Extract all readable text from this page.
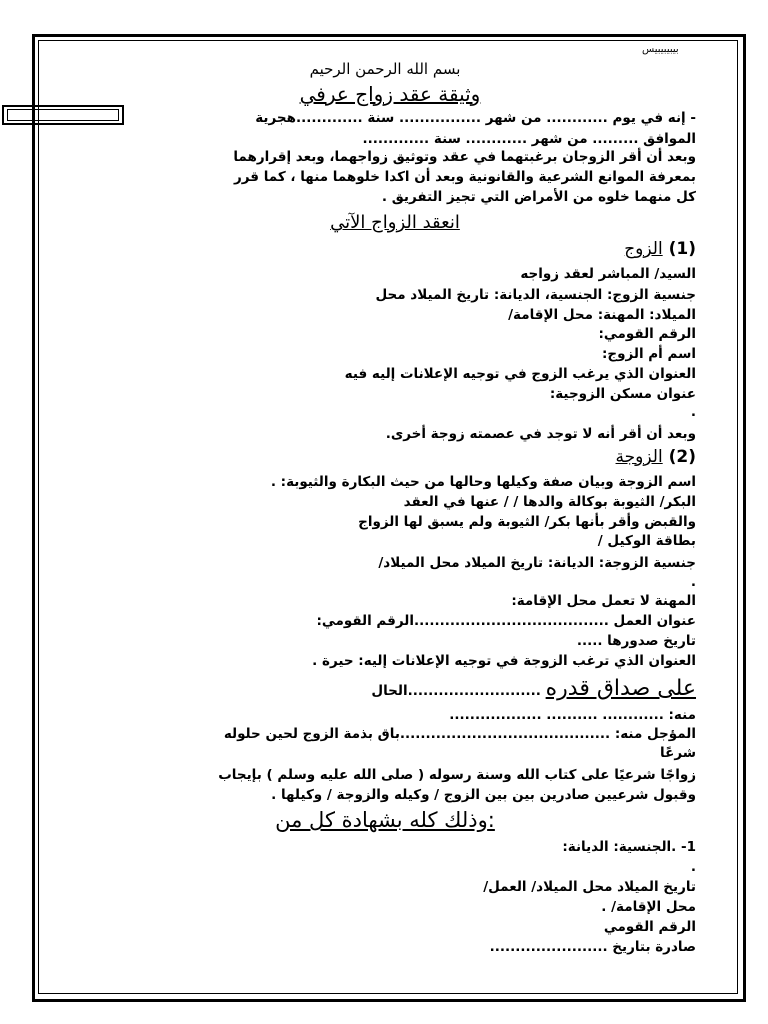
بيبيبيبيس
بسم الله الرحمن الرحيم
وثيقة عقد زواج عرفي
- إنه في يوم ............ من شهر ................ سنة .............هجرية
الموافق ......... من شهر ............ سنة .............
وبعد أن أقر الزوجان برغبتهما في عقد وتوثيق زواجهما، وبعد إقرارهما
بمعرفة الموانع الشرعية والقانونية وبعد أن اكدا خلوهما منها ، كما قرر
كل منهما خلوه من الأمراض التي تجيز التفريق .
انعقد الزواج الآتي
(1) الزوج
السيد/ المباشر لعقد زواجه
جنسية الزوج: الجنسية، الديانة: تاريخ الميلاد محل
الميلاد: المهنة: محل الإقامة/
الرقم القومي:
اسم أم الزوج:
العنوان الذي يرغب الزوج في توجيه الإعلانات إليه فيه
عنوان مسكن الزوجية:
.
وبعد أن أقر أنه لا توجد في عصمته زوجة أخرى.
(2) الزوجة
اسم الزوجة وبيان صفة وكيلها وحالها من حيث البكارة والثيوبة: .
البكر/ الثيوبة بوكالة والدها / / عنها في العقد
والقبض وأقر بأنها بكر/ الثيوبة ولم يسبق لها الزواج
بطاقة الوكيل /
جنسية الزوجة: الديانة: تاريخ الميلاد محل الميلاد/
.
المهنة لا تعمل محل الإقامة:
عنوان العمل ......................................الرقم القومي:
تاريخ صدورها .....
العنوان الذي ترغب الزوجة في توجيه الإعلانات إليه: حيرة .
على صداق قدره ..........................الحال
منه: ............ .......... ..................
المؤجل منه: .........................................باق بذمة الزوج لحين حلوله
شرعًا
زواجًا شرعيًا على كتاب الله وسنة رسوله ( صلى الله عليه وسلم ) بإيجاب
وقبول شرعيين صادرين بين بين الزوج / وكيله والزوجة / وكيلها .
وذلك كله بشهادة كل من:
1- .الجنسية: الديانة:
.
تاريخ الميلاد محل الميلاد/ العمل/
محل الإقامة/ .
الرقم القومي
صادرة بتاريخ .......................
